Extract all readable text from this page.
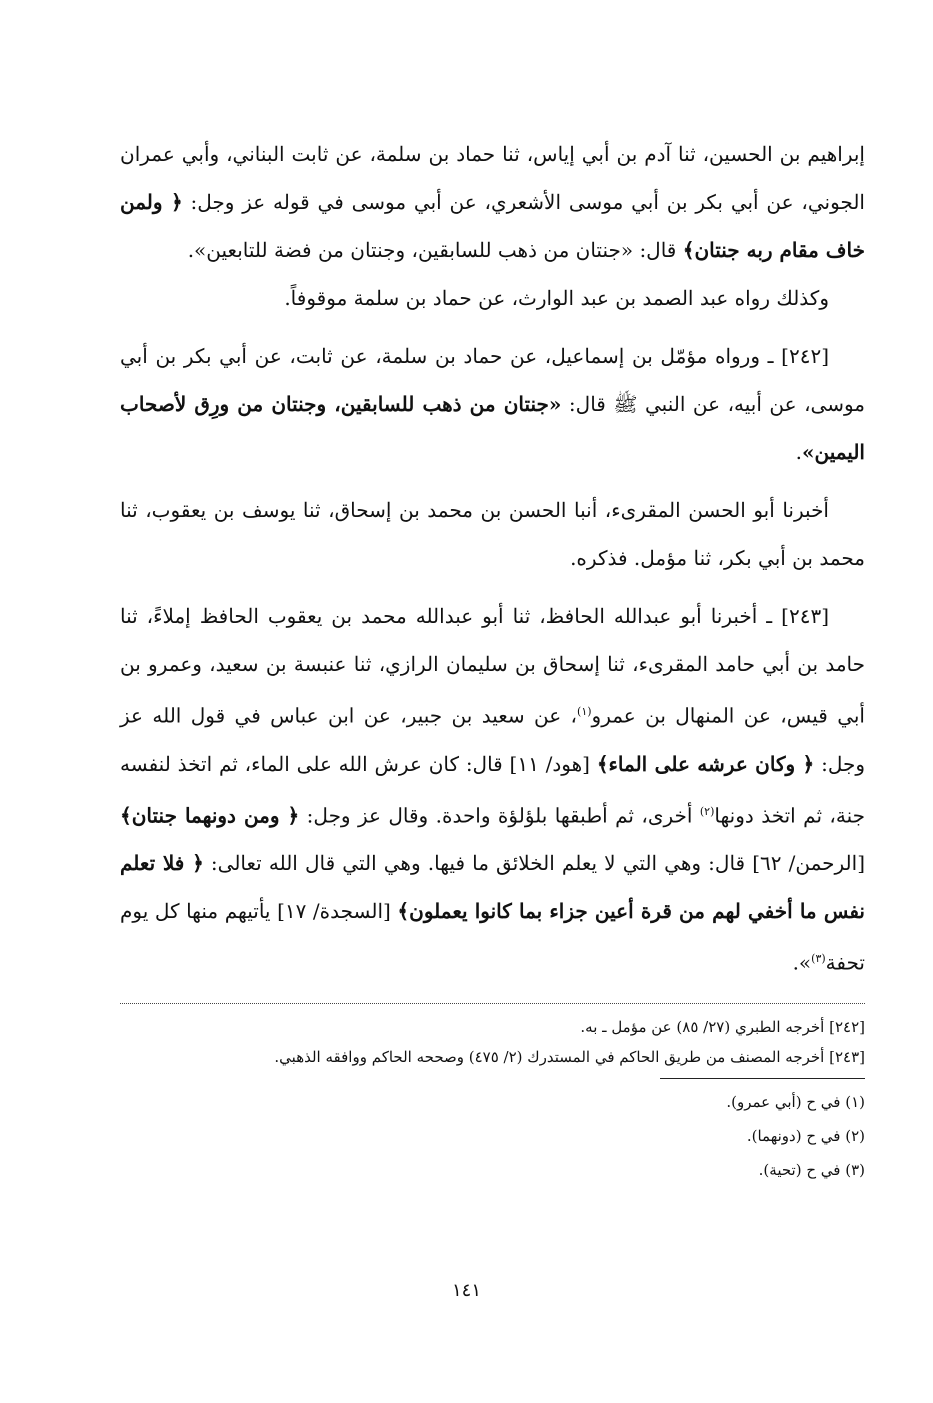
إبراهيم بن الحسين، ثنا آدم بن أبي إياس، ثنا حماد بن سلمة، عن ثابت البناني، وأبي عمران الجوني، عن أبي بكر بن أبي موسى الأشعري، عن أبي موسى في قوله عز وجل: ﴿ ولمن خاف مقام ربه جنتان﴾ قال: «جنتان من ذهب للسابقين، وجنتان من فضة للتابعين».

وكذلك رواه عبد الصمد بن عبد الوارث، عن حماد بن سلمة موقوفاً.

[٢٤٢] ـ ورواه مؤمّل بن إسماعيل، عن حماد بن سلمة، عن ثابت، عن أبي بكر بن أبي موسى، عن أبيه، عن النبي ﷺ قال: «جنتان من ذهب للسابقين، وجنتان من ورِق لأصحاب اليمين».

أخبرنا أبو الحسن المقرىء، أنبا الحسن بن محمد بن إسحاق، ثنا يوسف بن يعقوب، ثنا محمد بن أبي بكر، ثنا مؤمل. فذكره.

[٢٤٣] ـ أخبرنا أبو عبدالله الحافظ، ثنا أبو عبدالله محمد بن يعقوب الحافظ إملاءً، ثنا حامد بن أبي حامد المقرىء، ثنا إسحاق بن سليمان الرازي، ثنا عنبسة بن سعيد، وعمرو بن أبي قيس، عن المنهال بن عمرو$^{(١)}$، عن سعيد بن جبير، عن ابن عباس في قول الله عز وجل: ﴿ وكان عرشه على الماء﴾ [هود/ ١١] قال: كان عرش الله على الماء، ثم اتخذ لنفسه جنة، ثم اتخذ دونها$^{(٢)}$ أخرى، ثم أطبقها بلؤلؤة واحدة. وقال عز وجل: ﴿ ومن دونهما جنتان﴾ [الرحمن/ ٦٢] قال: وهي التي لا يعلم الخلائق ما فيها. وهي التي قال الله تعالى: ﴿ فلا تعلم نفس ما أخفي لهم من قرة أعين جزاء بما كانوا يعملون﴾ [السجدة/ ١٧] يأتيهم منها كل يوم تحفة$^{(٣)}$».

[٢٤٢] أخرجه الطبري (٢٧/ ٨٥) عن مؤمل ـ به.

[٢٤٣] أخرجه المصنف من طريق الحاكم في المستدرك (٢/ ٤٧٥) وصححه الحاكم ووافقه الذهبي.

(١) في ح (أبي عمرو).

(٢) في ح (دونهما).

(٣) في ح (تحية).

١٤١
